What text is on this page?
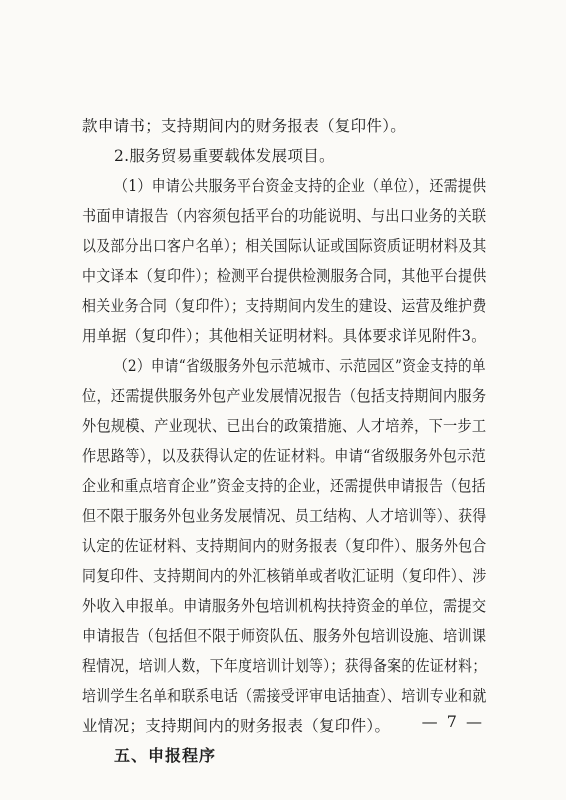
款申请书；支持期间内的财务报表（复印件）。
2.服务贸易重要载体发展项目。
（1）申请公共服务平台资金支持的企业（单位），还需提供
书面申请报告（内容须包括平台的功能说明、与出口业务的关联
以及部分出口客户名单）；相关国际认证或国际资质证明材料及其
中文译本（复印件）；检测平台提供检测服务合同，其他平台提供
相关业务合同（复印件）；支持期间内发生的建设、运营及维护费
用单据（复印件）；其他相关证明材料。具体要求详见附件3。
（2）申请“省级服务外包示范城市、示范园区”资金支持的单
位，还需提供服务外包产业发展情况报告（包括支持期间内服务
外包规模、产业现状、已出台的政策措施、人才培养，下一步工
作思路等），以及获得认定的佐证材料。申请“省级服务外包示范
企业和重点培育企业”资金支持的企业，还需提供申请报告（包括
但不限于服务外包业务发展情况、员工结构、人才培训等）、获得
认定的佐证材料、支持期间内的财务报表（复印件）、服务外包合
同复印件、支持期间内的外汇核销单或者收汇证明（复印件）、涉
外收入申报单。申请服务外包培训机构扶持资金的单位，需提交
申请报告（包括但不限于师资队伍、服务外包培训设施、培训课
程情况，培训人数，下年度培训计划等）；获得备案的佐证材料；
培训学生名单和联系电话（需接受评审电话抽查）、培训专业和就
业情况；支持期间内的财务报表（复印件）。
五、申报程序
— 7 —
